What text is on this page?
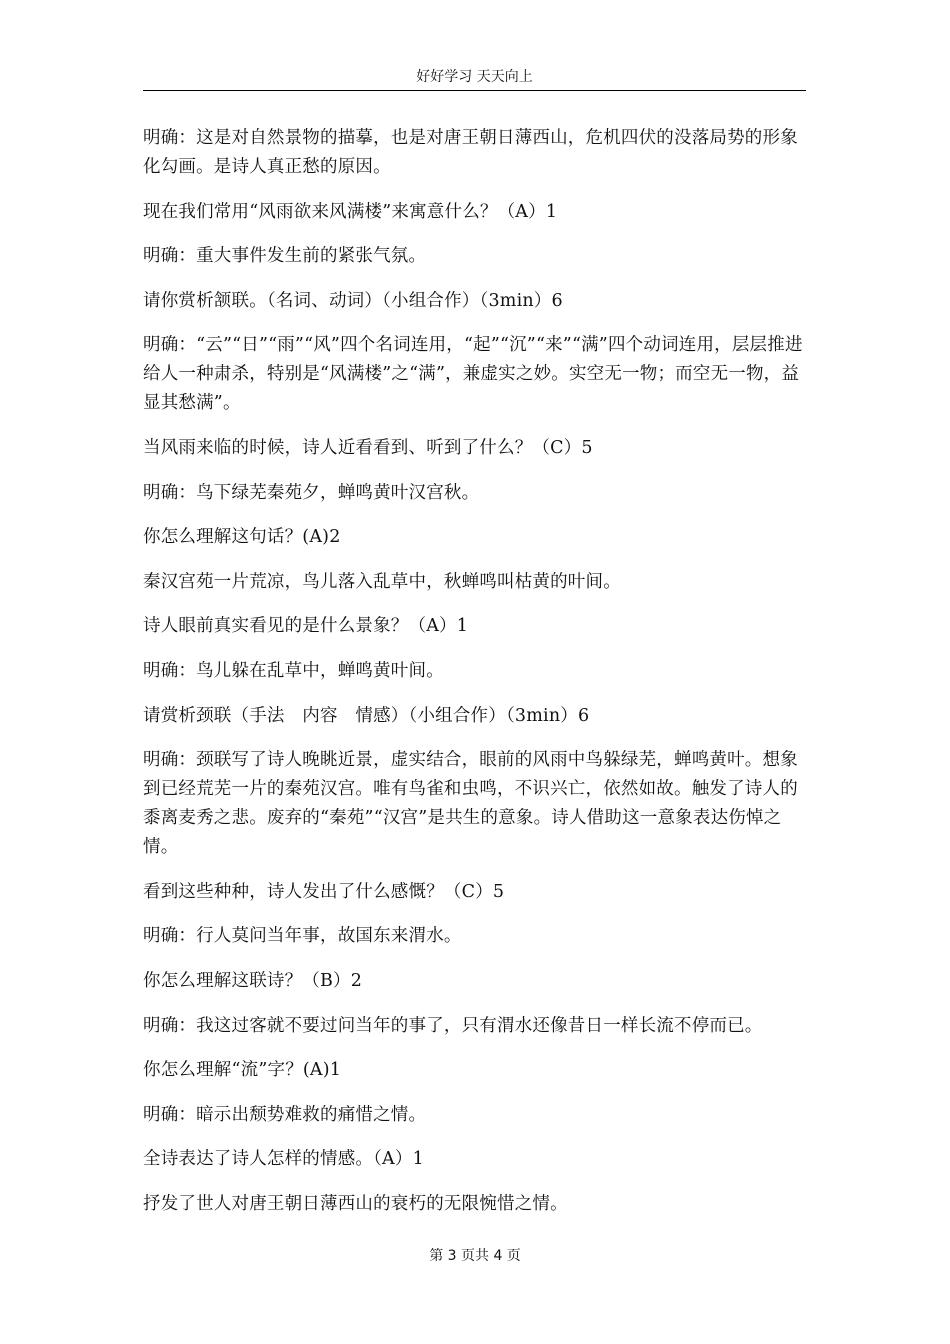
好好学习 天天向上

明确：这是对自然景物的描摹，也是对唐王朝日薄西山，危机四伏的没落局势的形象化勾画。是诗人真正愁的原因。

现在我们常用“风雨欲来风满楼”来寓意什么？（A）1

明确：重大事件发生前的紧张气氛。

请你赏析颔联。（名词、动词）（小组合作）（3min）6

明确：“云”“日”“雨”“风”四个名词连用，“起”“沉”“来”“满”四个动词连用，层层推进给人一种肃杀，特别是“风满楼”之“满”，兼虚实之妙。实空无一物；而空无一物，益显其愁满”。

当风雨来临的时候，诗人近看看到、听到了什么？（C）5

明确：鸟下绿芜秦苑夕，蝉鸣黄叶汉宫秋。

你怎么理解这句话？(A)2

秦汉宫苑一片荒凉，鸟儿落入乱草中，秋蝉鸣叫枯黄的叶间。

诗人眼前真实看见的是什么景象？（A）1

明确：鸟儿躲在乱草中，蝉鸣黄叶间。

请赏析颈联（手法　内容　情感）（小组合作）（3min）6

明确：颈联写了诗人晚眺近景，虚实结合，眼前的风雨中鸟躲绿芜，蝉鸣黄叶。想象到已经荒芜一片的秦苑汉宫。唯有鸟雀和虫鸣，不识兴亡，依然如故。触发了诗人的黍离麦秀之悲。废弃的“秦苑”“汉宫”是共生的意象。诗人借助这一意象表达伤悼之情。

看到这些种种，诗人发出了什么感慨？（C）5

明确：行人莫问当年事，故国东来渭水。

你怎么理解这联诗？（B）2

明确：我这过客就不要过问当年的事了，只有渭水还像昔日一样长流不停而已。

你怎么理解“流”字？(A)1

明确：暗示出颓势难救的痛惜之情。

全诗表达了诗人怎样的情感。（A）1

抒发了世人对唐王朝日薄西山的衰朽的无限惋惜之情。

第 3 页共 4 页
